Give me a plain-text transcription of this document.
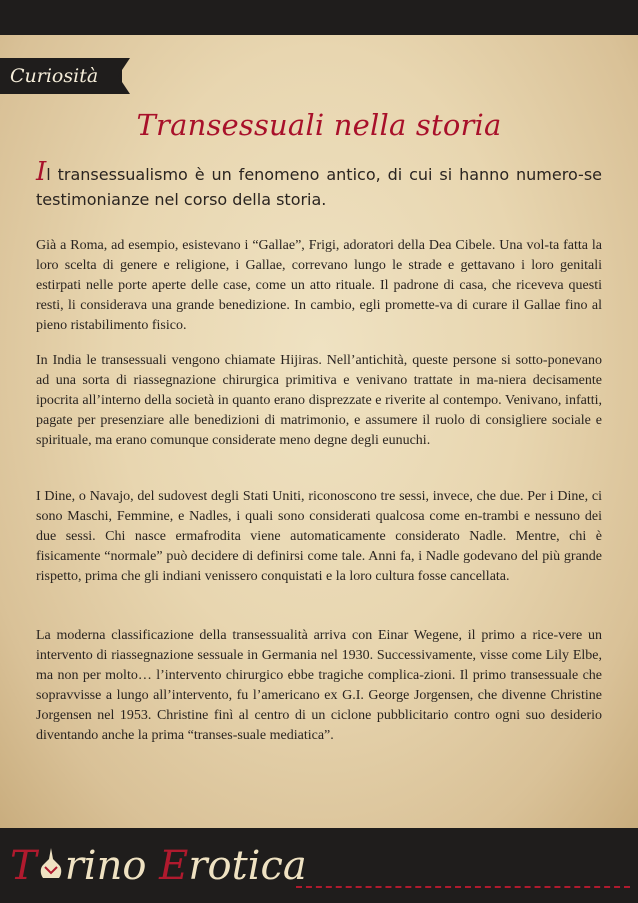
Curiosità
Transessuali nella storia

Il transessualismo è un fenomeno antico, di cui si hanno numero-se testimonianze nel corso della storia.

Già a Roma, ad esempio, esistevano i “Gallae”, Frigi, adoratori della Dea Cibele. Una vol-ta fatta la loro scelta di genere e religione, i Gallae, correvano lungo le strade e gettavano i loro genitali estirpati nelle porte aperte delle case, come un atto rituale. Il padrone di casa, che riceveva questi resti, li considerava una grande benedizione. In cambio, egli promette-va di curare il Gallae fino al pieno ristabilimento fisico.

In India le transessuali vengono chiamate Hijiras. Nell’antichità, queste persone si sotto-ponevano ad una sorta di riassegnazione chirurgica primitiva e venivano trattate in ma-niera decisamente ipocrita all’interno della società in quanto erano disprezzate e riverite al contempo. Venivano, infatti, pagate per presenziare alle benedizioni di matrimonio, e assumere il ruolo di consigliere sociale e spirituale, ma erano comunque considerate meno degne degli eunuchi.

I Dine, o Navajo, del sudovest degli Stati Uniti, riconoscono tre sessi, invece, che due. Per i Dine, ci sono Maschi, Femmine, e Nadles, i quali sono considerati qualcosa come en-trambi e nessuno dei due sessi. Chi nasce ermafrodita viene automaticamente considerato Nadle. Mentre, chi è fisicamente “normale” può decidere di definirsi come tale. Anni fa, i Nadle godevano del più grande rispetto, prima che gli indiani venissero conquistati e la loro cultura fosse cancellata.

La moderna classificazione della transessualità arriva con Einar Wegene, il primo a rice-vere un intervento di riassegnazione sessuale in Germania nel 1930. Successivamente, visse come Lily Elbe, ma non per molto… l’intervento chirurgico ebbe tragiche complica-zioni. Il primo transessuale che sopravvisse a lungo all’intervento, fu l’americano ex G.I. George Jorgensen, che divenne Christine Jorgensen nel 1953. Christine finì al centro di un ciclone pubblicitario contro ogni suo desiderio diventando anche la prima “transes-suale mediatica”.

T rino Erotica
